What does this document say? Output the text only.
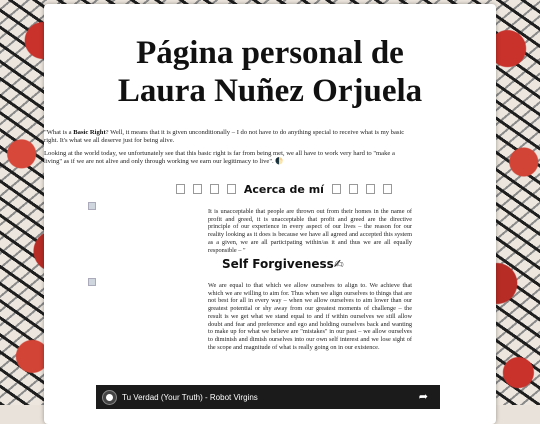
Página personal de
Laura Nuñez Orjuela

"What is a Basic Right? Well, it means that it is given unconditionally – I do not have to do anything special to receive what is my basic right. It's what we all deserve just for being alive.

Looking at the world today, we unfortunately see that this basic right is far from being met, we all have to work very hard to "make a living" as if we are not alive and only through working we earn our legitimacy to live". 🌓

Acerca de mí
It is unacceptable that people are thrown out from their homes in the name of profit and greed, it is unacceptable that profit and greed are the directive principle of our experience in every aspect of our lives – the reason for our reality looking as it does is because we have all agreed and accepted this system as a given, we are all participating within/as it and thus we are all equally responsible – "
Self Forgiveness✍
We are equal to that which we allow ourselves to align to. We achieve that which we are willing to aim for. Thus when we align ourselves to things that are not best for all in every way – when we allow ourselves to aim lower than our greatest potential or shy away from our greatest moments of challenge – the result is we get what we stand equal to and if within ourselves we still allow doubt and fear and preference and ego and holding ourselves back and wanting to make up for what we believe are "mistakes" in our past – we allow ourselves to diminish and dimish ourselves into our own self interest and we lose sight of the scope and magnitude of what is really going on in our existence.
Tu Verdad (Your Truth) - Robot Virgins	➦
